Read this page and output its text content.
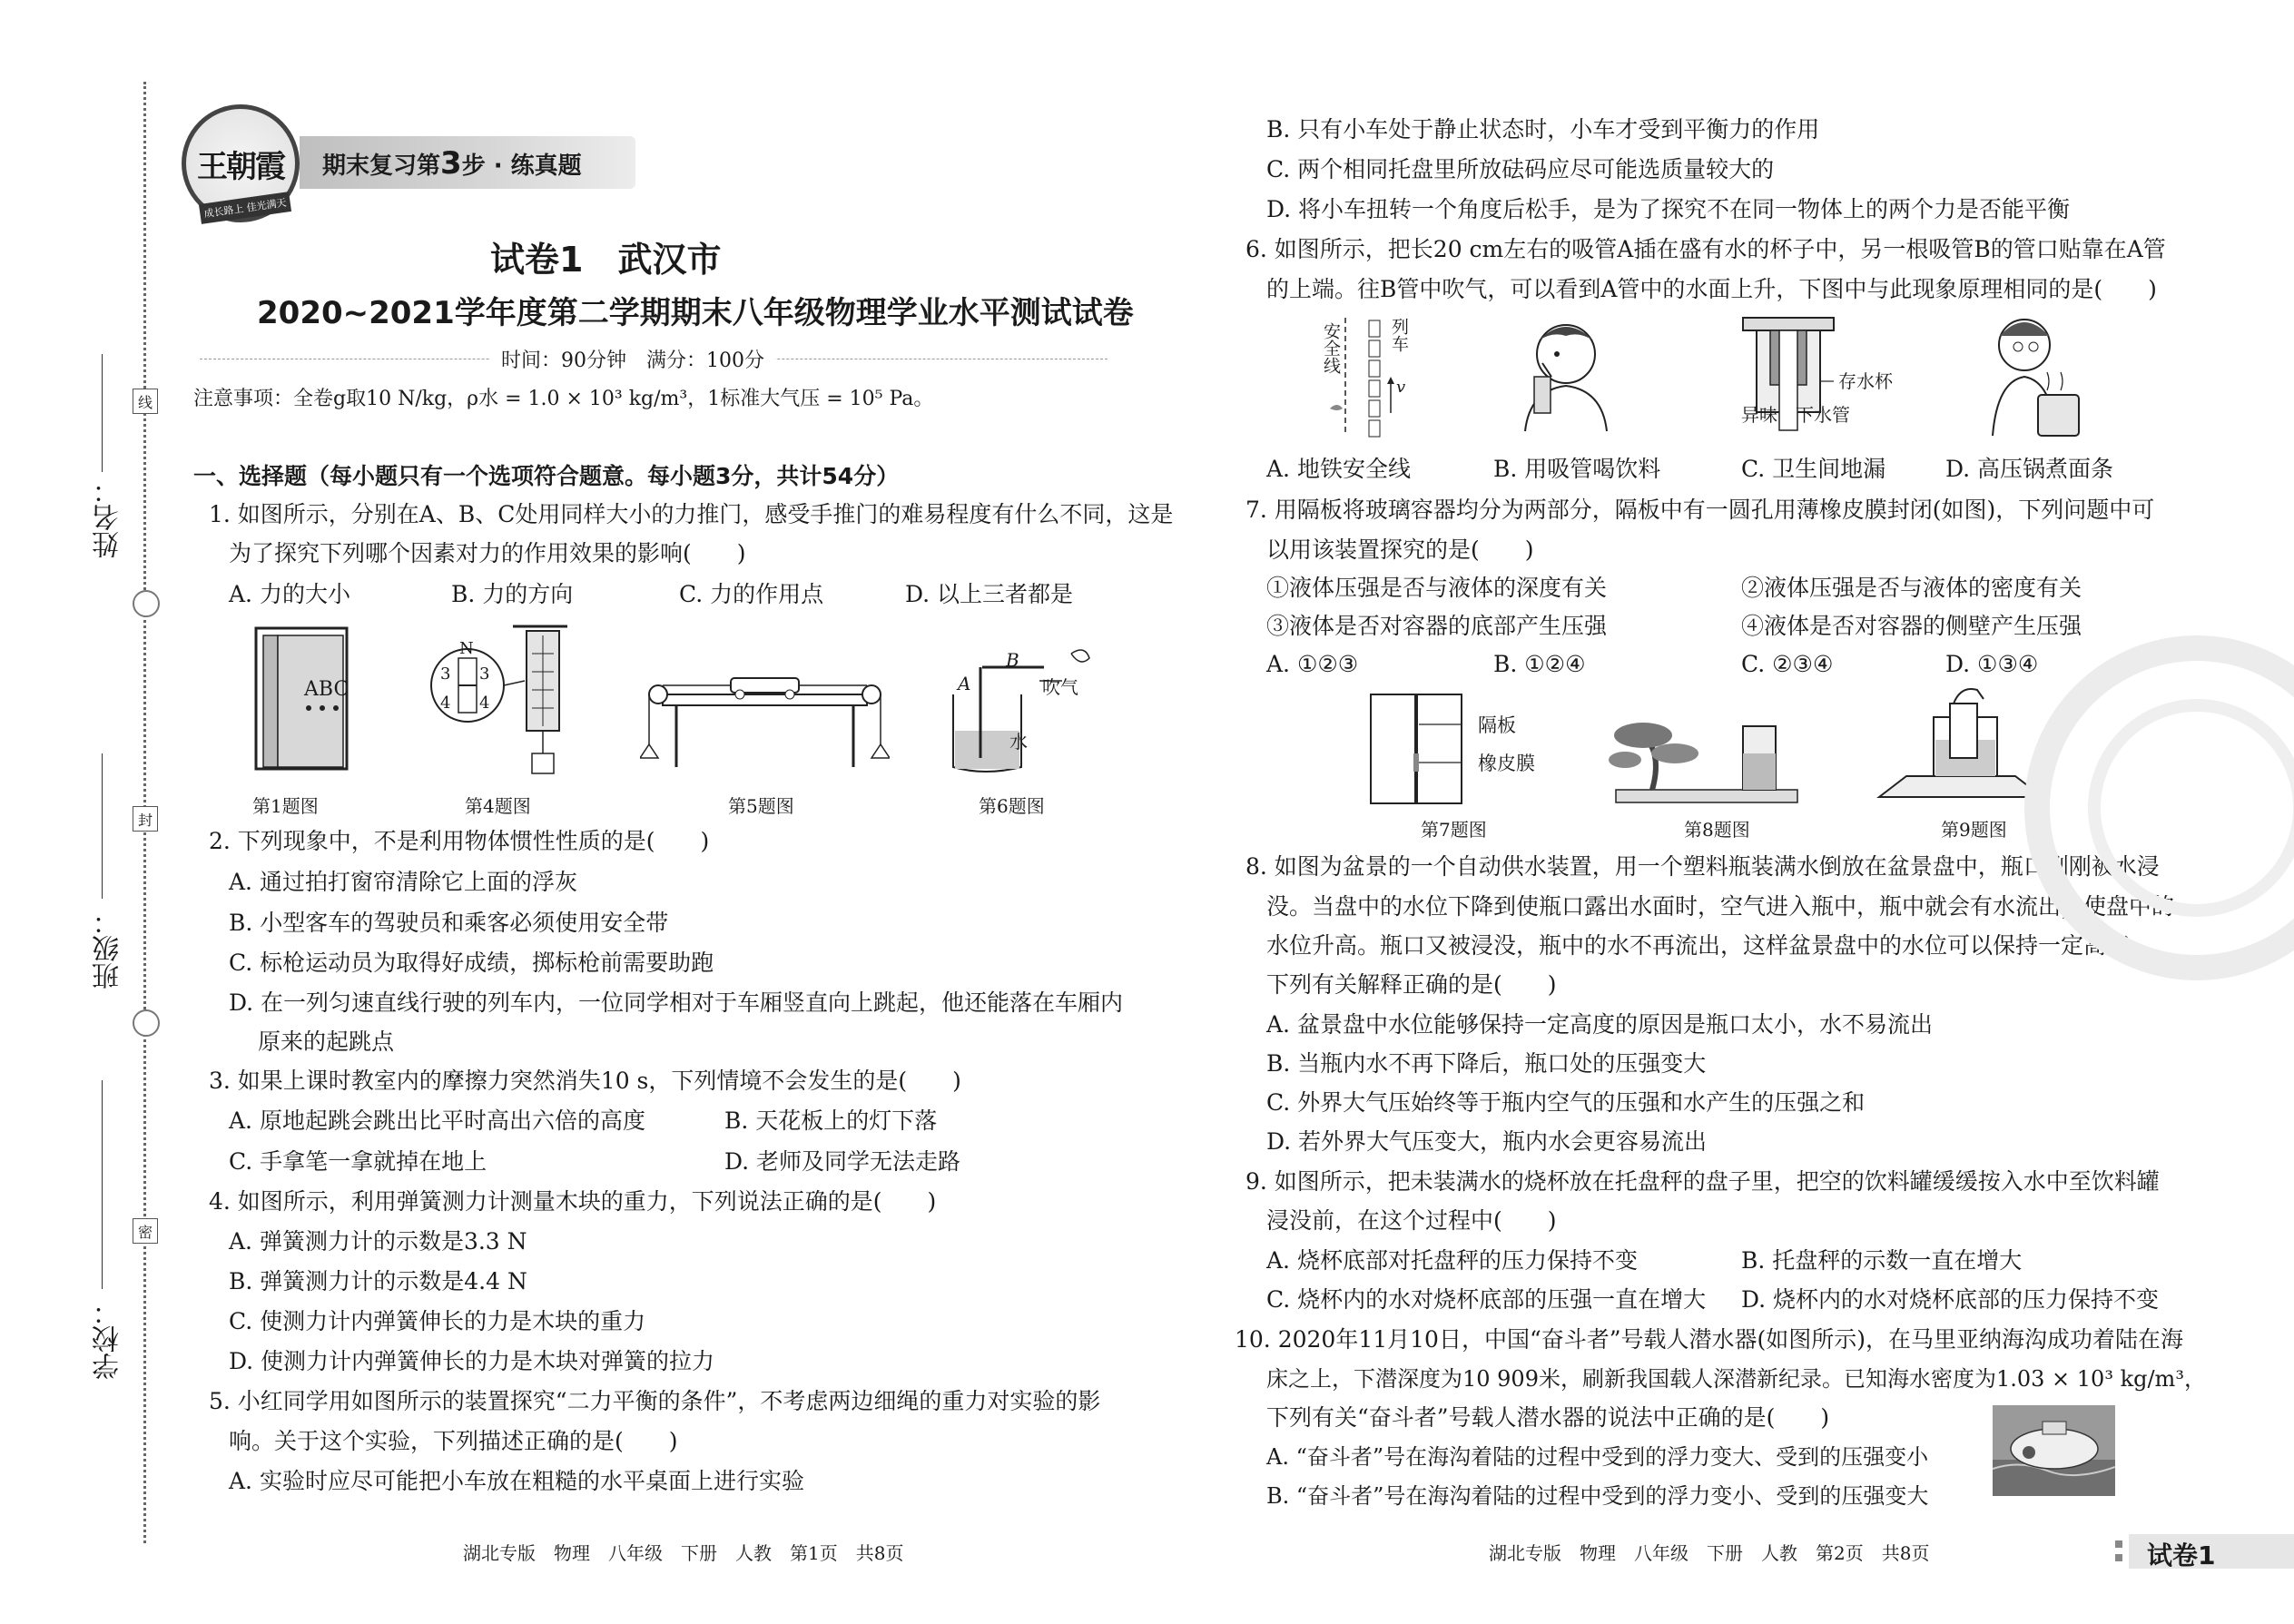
线
封
密
姓名：
班级：
学校：
王朝霞
成长路上 佳光满天
期末复习第3步 · 练真题
试卷1　武汉市
2020~2021学年度第二学期期末八年级物理学业水平测试试卷
时间：90分钟　满分：100分
注意事项：全卷g取10 N/kg，ρ水 = 1.0 × 10³ kg/m³，1标准大气压 = 10⁵ Pa。
一、选择题（每小题只有一个选项符合题意。每小题3分，共计54分）
1. 如图所示，分别在A、B、C处用同样大小的力推门，感受手推门的难易程度有什么不同，这是
为了探究下列哪个因素对力的作用效果的影响(　　)
A. 力的大小	B. 力的方向	C. 力的作用点	D. 以上三者都是
ABC
N
3
4
3
4
A
B
吹气
水
第1题图	第4题图	第5题图	第6题图
2. 下列现象中，不是利用物体惯性性质的是(　　)
A. 通过拍打窗帘清除它上面的浮灰
B. 小型客车的驾驶员和乘客必须使用安全带
C. 标枪运动员为取得好成绩，掷标枪前需要助跑
D. 在一列匀速直线行驶的列车内，一位同学相对于车厢竖直向上跳起，他还能落在车厢内
原来的起跳点
3. 如果上课时教室内的摩擦力突然消失10 s，下列情境不会发生的是(　　)
A. 原地起跳会跳出比平时高出六倍的高度	B. 天花板上的灯下落
C. 手拿笔一拿就掉在地上	D. 老师及同学无法走路
4. 如图所示，利用弹簧测力计测量木块的重力，下列说法正确的是(　　)
A. 弹簧测力计的示数是3.3 N
B. 弹簧测力计的示数是4.4 N
C. 使测力计内弹簧伸长的力是木块的重力
D. 使测力计内弹簧伸长的力是木块对弹簧的拉力
5. 小红同学用如图所示的装置探究“二力平衡的条件”，不考虑两边细绳的重力对实验的影
响。关于这个实验，下列描述正确的是(　　)
A. 实验时应尽可能把小车放在粗糙的水平桌面上进行实验
湖北专版　物理　八年级　下册　人教　第1页　共8页
B. 只有小车处于静止状态时，小车才受到平衡力的作用
C. 两个相同托盘里所放砝码应尽可能选质量较大的
D. 将小车扭转一个角度后松手，是为了探究不在同一物体上的两个力是否能平衡
6. 如图所示，把长20 cm左右的吸管A插在盛有水的杯子中，另一根吸管B的管口贴靠在A管
的上端。往B管中吹气，可以看到A管中的水面上升，下图中与此现象原理相同的是(　　)
安全线	列车
v	存水杯
异味 下水管
A. 地铁安全线	B. 用吸管喝饮料	C. 卫生间地漏	D. 高压锅煮面条
7. 用隔板将玻璃容器均分为两部分，隔板中有一圆孔用薄橡皮膜封闭(如图)，下列问题中可
以用该装置探究的是(　　)
①液体压强是否与液体的深度有关	②液体压强是否与液体的密度有关
③液体是否对容器的底部产生压强	④液体是否对容器的侧壁产生压强
A. ①②③	B. ①②④	C. ②③④	D. ①③④
隔板
橡皮膜
第7题图	第8题图	第9题图
8. 如图为盆景的一个自动供水装置，用一个塑料瓶装满水倒放在盆景盘中，瓶口刚刚被水浸
没。当盘中的水位下降到使瓶口露出水面时，空气进入瓶中，瓶中就会有水流出，使盘中的
水位升高。瓶口又被浸没，瓶中的水不再流出，这样盆景盘中的水位可以保持一定高度。
下列有关解释正确的是(　　)
A. 盆景盘中水位能够保持一定高度的原因是瓶口太小，水不易流出
B. 当瓶内水不再下降后，瓶口处的压强变大
C. 外界大气压始终等于瓶内空气的压强和水产生的压强之和
D. 若外界大气压变大，瓶内水会更容易流出
9. 如图所示，把未装满水的烧杯放在托盘秤的盘子里，把空的饮料罐缓缓按入水中至饮料罐
浸没前，在这个过程中(　　)
A. 烧杯底部对托盘秤的压力保持不变	B. 托盘秤的示数一直在增大
C. 烧杯内的水对烧杯底部的压强一直在增大 D. 烧杯内的水对烧杯底部的压力保持不变
10. 2020年11月10日，中国“奋斗者”号载人潜水器(如图所示)，在马里亚纳海沟成功着陆在海
床之上，下潜深度为10 909米，刷新我国载人深潜新纪录。已知海水密度为1.03 × 10³ kg/m³，
下列有关“奋斗者”号载人潜水器的说法中正确的是(　　)
A. “奋斗者”号在海沟着陆的过程中受到的浮力变大、受到的压强变小
B. “奋斗者”号在海沟着陆的过程中受到的浮力变小、受到的压强变大
湖北专版　物理　八年级　下册　人教　第2页　共8页	试卷1
